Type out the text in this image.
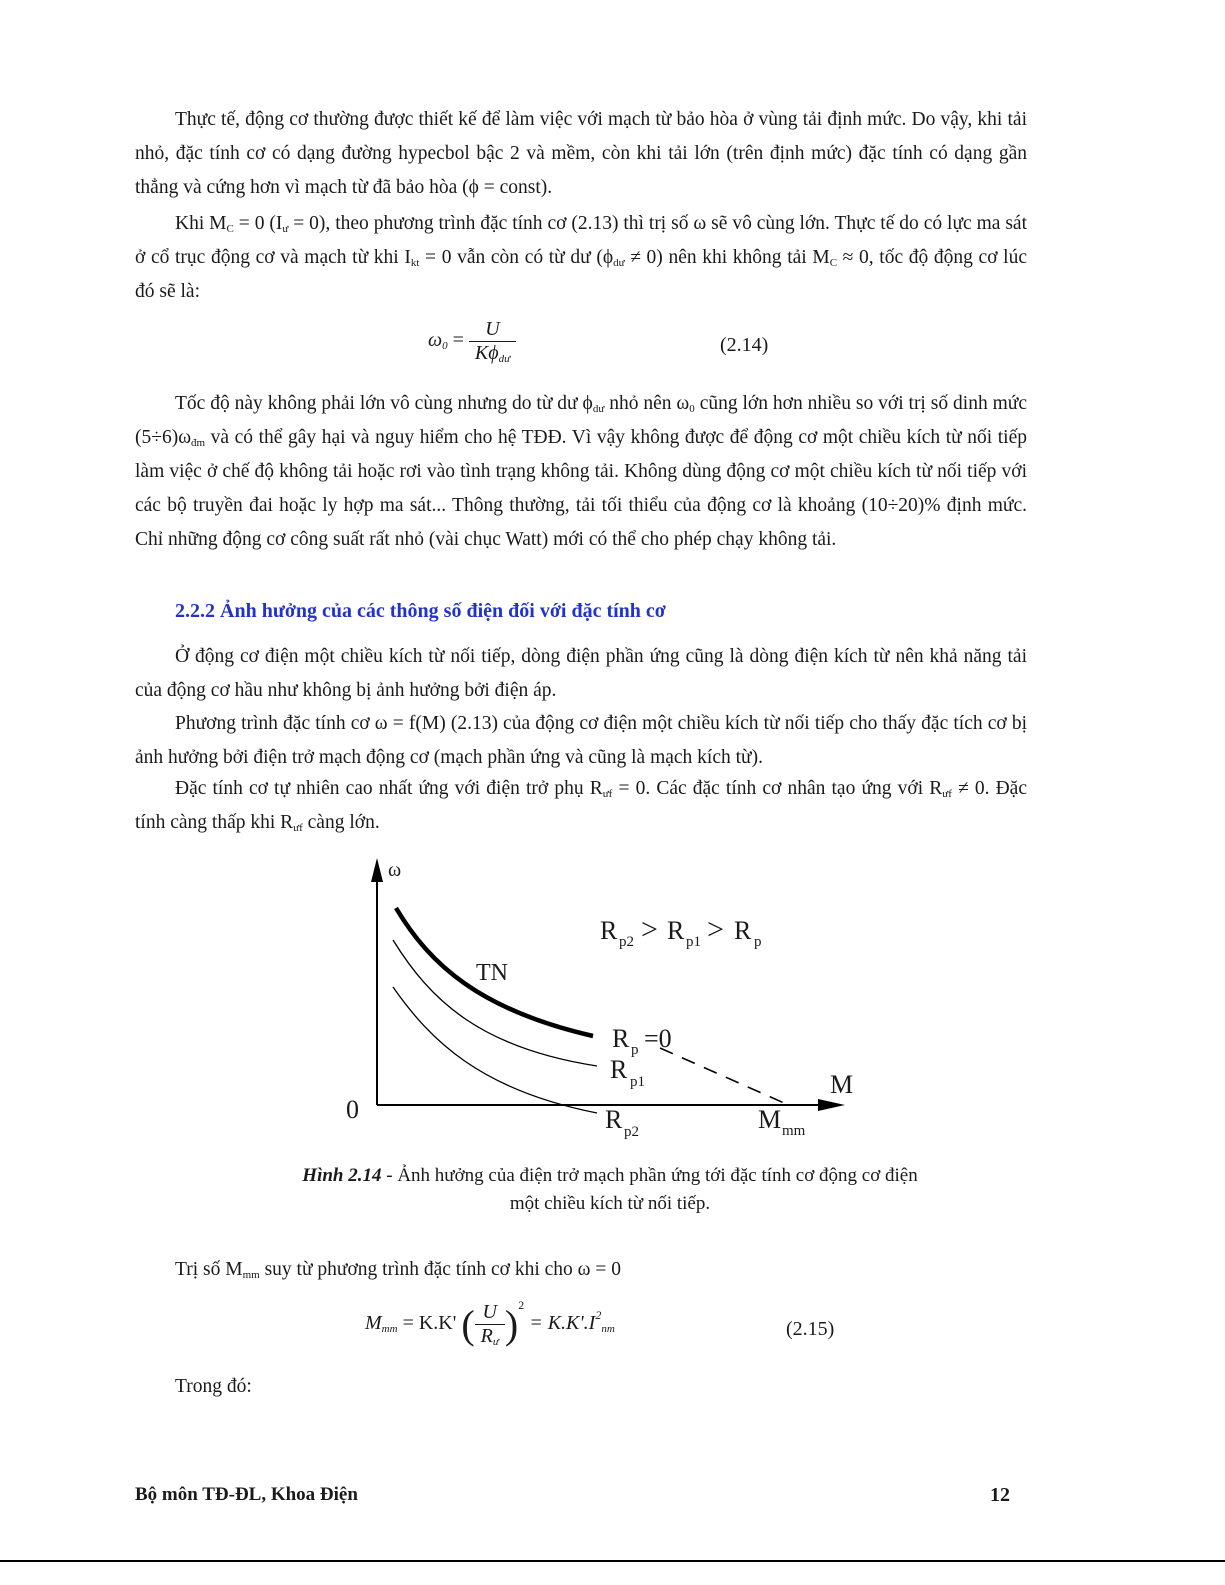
Thực tế, động cơ thường được thiết kế để làm việc với mạch từ bảo hòa ở vùng tải định mức. Do vậy, khi tải nhỏ, đặc tính cơ có dạng đường hypecbol bậc 2 và mềm, còn khi tải lớn (trên định mức) đặc tính có dạng gần thẳng và cứng hơn vì mạch từ đã bảo hòa (ϕ = const).

Khi $M_C = 0$ $(I_ư = 0)$, theo phương trình đặc tính cơ (2.13) thì trị số ω sẽ vô cùng lớn. Thực tế do có lực ma sát ở cổ trục động cơ và mạch từ khi $I_{kt} = 0$ vẫn còn có từ dư $(\phi_{dư} \ne 0)$ nên khi không tải $M_C \approx 0$, tốc độ động cơ lúc đó sẽ là:

$\omega_0 = \frac{U}{K\phi_{dư}}$	(2.14)

Tốc độ này không phải lớn vô cùng nhưng do từ dư $\phi_{dư}$ nhỏ nên $\omega_0$ cũng lớn hơn nhiều so với trị số dinh mức $(5\div 6)\omega_{đm}$ và có thể gây hại và nguy hiểm cho hệ TĐĐ. Vì vậy không được để động cơ một chiều kích từ nối tiếp làm việc ở chế độ không tải hoặc rơi vào tình trạng không tải. Không dùng động cơ một chiều kích từ nối tiếp với các bộ truyền đai hoặc ly hợp ma sát... Thông thường, tải tối thiểu của động cơ là khoảng (10÷20)% định mức. Chỉ những động cơ công suất rất nhỏ (vài chục Watt) mới có thể cho phép chạy không tải.

2.2.2 Ảnh hưởng của các thông số điện đối với đặc tính cơ

Ở động cơ điện một chiều kích từ nối tiếp, dòng điện phần ứng cũng là dòng điện kích từ nên khả năng tải của động cơ hầu như không bị ảnh hưởng bởi điện áp.

Phương trình đặc tính cơ ω = f(M) (2.13) của động cơ điện một chiều kích từ nối tiếp cho thấy đặc tích cơ bị ảnh hưởng bởi điện trở mạch động cơ (mạch phần ứng và cũng là mạch kích từ).

Đặc tính cơ tự nhiên cao nhất ứng với điện trở phụ $R_{ưf} = 0$. Các đặc tính cơ nhân tạo ứng với $R_{ưf} \ne 0$. Đặc tính càng thấp khi $R_{ưf}$ càng lớn.

ω
0
M
R p2 > R p1 > R p
TN
R p =0
R p1
R p2	M mm
Hình 2.14 - Ảnh hưởng của điện trở mạch phần ứng tới đặc tính cơ động cơ điện một chiều kích từ nối tiếp.

Trị số $M_{mm}$ suy từ phương trình đặc tính cơ khi cho ω = 0

$M_{mm} = K.K'$ ( $\frac{U}{R_ư} )^2 = K.K'.I^2_{nm}$	(2.15)

Trong đó:

Bộ môn TĐ-ĐL, Khoa Điện	12
